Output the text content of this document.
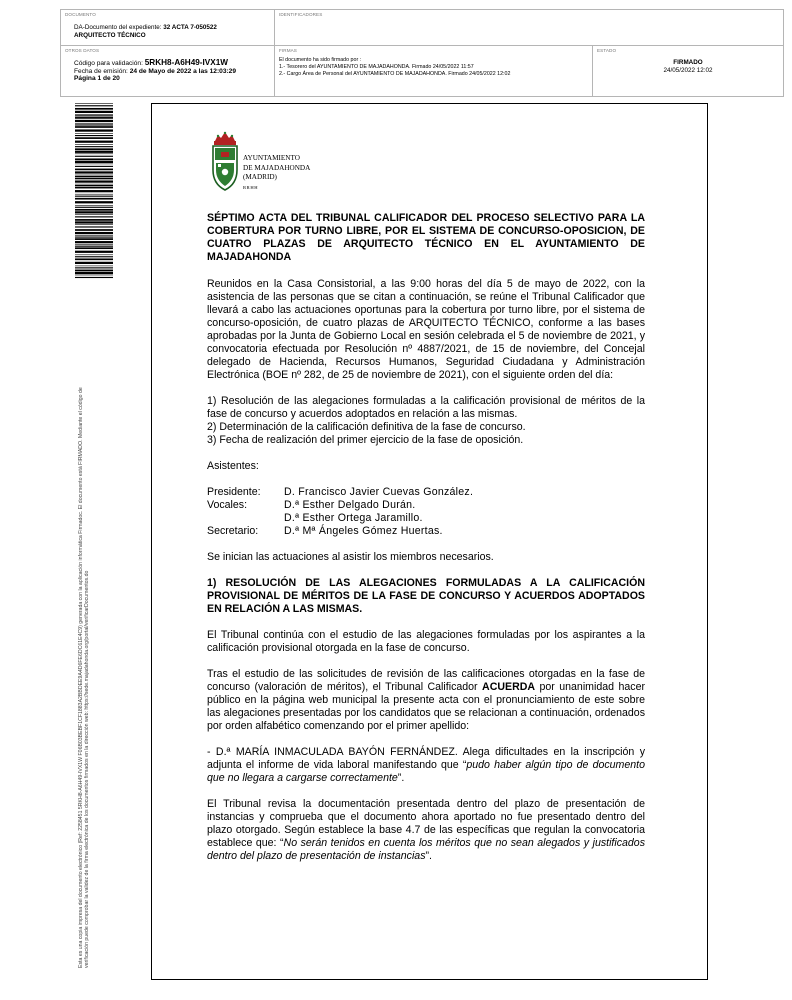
DOCUMENTO
DA-Documento del expediente: 32 ACTA 7-050522
ARQUITECTO TÉCNICO
IDENTIFICADORES
OTROS DATOS
Código para validación: 5RKH8-A6H49-IVX1W
Fecha de emisión: 24 de Mayo de 2022 a las 12:03:29
Página 1 de 20
FIRMAS
El documento ha sido firmado por :
1.- Tesorero del AYUNTAMIENTO DE MAJADAHONDA. Firmado 24/05/2022 11:57
2.- Cargo Área de Personal del AYUNTAMIENTO DE MAJADAHONDA. Firmado 24/05/2022 12:02
ESTADO
FIRMADO
24/05/2022 12:02
Esta es una copia impresa del documento electrónico (Ref: 2258451 5RKH8-A6H49-IVX1W F06B03BEBF1CF1883A2BBDEE9A4D6FE6DC61E4C9) generada con la aplicación informática Firmadoc. El documento está FIRMADO. Mediante el código de verificación puede comprobar la validez de la firma electrónica de los documentos firmados en la dirección web: https://sede.majadahonda.org/portal/verificarDocumentos.do
AYUNTAMIENTO
DE MAJADAHONDA
(MADRID)
RRHH

SÉPTIMO ACTA DEL TRIBUNAL CALIFICADOR DEL PROCESO SELECTIVO PARA LA COBERTURA POR TURNO LIBRE, POR EL SISTEMA DE CONCURSO-OPOSICION, DE CUATRO PLAZAS DE ARQUITECTO TÉCNICO EN EL AYUNTAMIENTO DE MAJADAHONDA

Reunidos en la Casa Consistorial, a las 9:00 horas del día 5 de mayo de 2022, con la asistencia de las personas que se citan a continuación, se reúne el Tribunal Calificador que llevará a cabo las actuaciones oportunas para la cobertura por turno libre, por el sistema de concurso-oposición, de cuatro plazas de ARQUITECTO TÉCNICO, conforme a las bases aprobadas por la Junta de Gobierno Local en sesión celebrada el 5 de noviembre de 2021, y convocatoria efectuada por Resolución nº 4887/2021, de 15 de noviembre, del Concejal delegado de Hacienda, Recursos Humanos, Seguridad Ciudadana y Administración Electrónica (BOE nº 282, de 25 de noviembre de 2021), con el siguiente orden del día:

1) Resolución de las alegaciones formuladas a la calificación provisional de méritos de la fase de concurso y acuerdos adoptados en relación a las mismas.

2) Determinación de la calificación definitiva de la fase de concurso.

3) Fecha de realización del primer ejercicio de la fase de oposición.

Asistentes:

Presidente:	D. Francisco Javier Cuevas González.
Vocales:	D.ª Esther Delgado Durán.
D.ª Esther Ortega Jaramillo.
Secretario:	D.ª Mª Ángeles Gómez Huertas.

Se inician las actuaciones al asistir los miembros necesarios.

1) RESOLUCIÓN DE LAS ALEGACIONES FORMULADAS A LA CALIFICACIÓN PROVISIONAL DE MÉRITOS DE LA FASE DE CONCURSO Y ACUERDOS ADOPTADOS EN RELACIÓN A LAS MISMAS.

El Tribunal continúa con el estudio de las alegaciones formuladas por los aspirantes a la calificación provisional otorgada en la fase de concurso.

Tras el estudio de las solicitudes de revisión de las calificaciones otorgadas en la fase de concurso (valoración de méritos), el Tribunal Calificador ACUERDA por unanimidad hacer público en la página web municipal la presente acta con el pronunciamiento de este sobre las alegaciones presentadas por los candidatos que se relacionan a continuación, ordenados por orden alfabético comenzando por el primer apellido:

- D.ª MARÍA INMACULADA BAYÓN FERNÁNDEZ. Alega dificultades en la inscripción y adjunta el informe de vida laboral manifestando que “pudo haber algún tipo de documento que no llegara a cargarse correctamente”.

El Tribunal revisa la documentación presentada dentro del plazo de presentación de instancias y comprueba que el documento ahora aportado no fue presentado dentro del plazo otorgado. Según establece la base 4.7 de las específicas que regulan la convocatoria establece que: “No serán tenidos en cuenta los méritos que no sean alegados y justificados dentro del plazo de presentación de instancias”.
